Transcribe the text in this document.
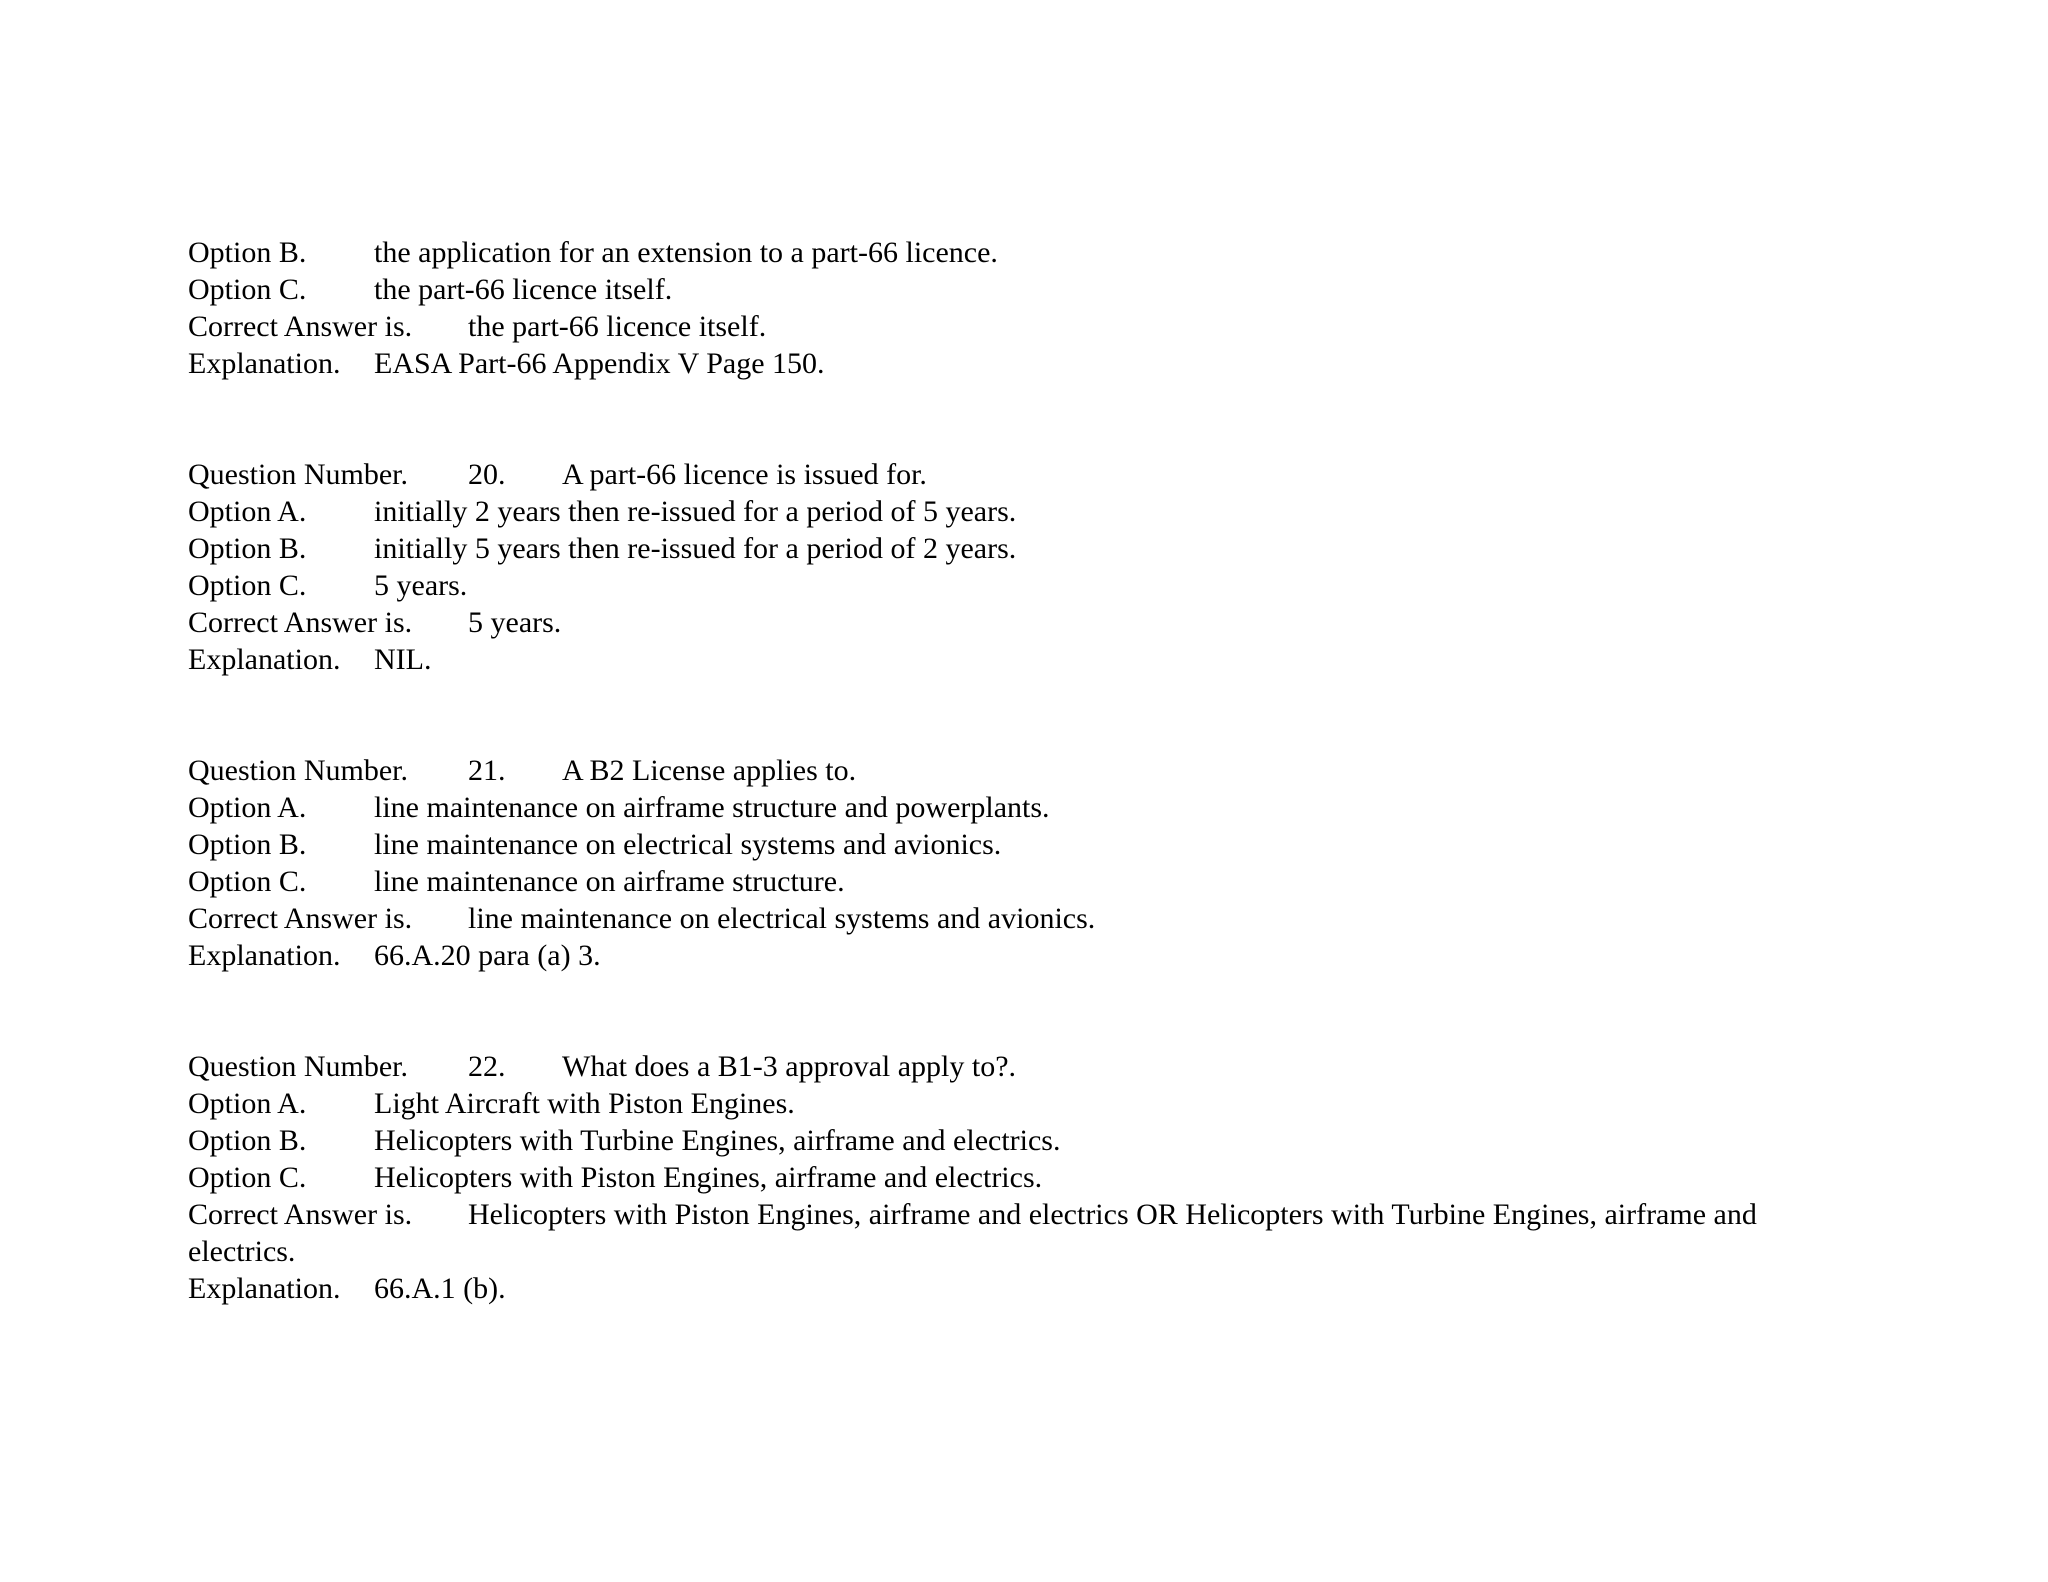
Option B.	the application for an extension to a part-66 licence.
Option C.	the part-66 licence itself.
Correct Answer is.	the part-66 licence itself.
Explanation.	EASA Part-66 Appendix V Page 150.
Question Number.	20.	A part-66 licence is issued for.
Option A.	initially 2 years then re-issued for a period of 5 years.
Option B.	initially 5 years then re-issued for a period of 2 years.
Option C.	5 years.
Correct Answer is.	5 years.
Explanation.	NIL.
Question Number.	21.	A B2 License applies to.
Option A.	line maintenance on airframe structure and powerplants.
Option B.	line maintenance on electrical systems and avionics.
Option C.	line maintenance on airframe structure.
Correct Answer is.	line maintenance on electrical systems and avionics.
Explanation.	66.A.20 para (a) 3.
Question Number.	22.	What does a B1-3 approval apply to?.
Option A.	Light Aircraft with Piston Engines.
Option B.	Helicopters with Turbine Engines, airframe and electrics.
Option C.	Helicopters with Piston Engines, airframe and electrics.
Correct Answer is. Helicopters with Piston Engines, airframe and electrics OR Helicopters with Turbine Engines, airframe and electrics.
Explanation.	66.A.1 (b).
